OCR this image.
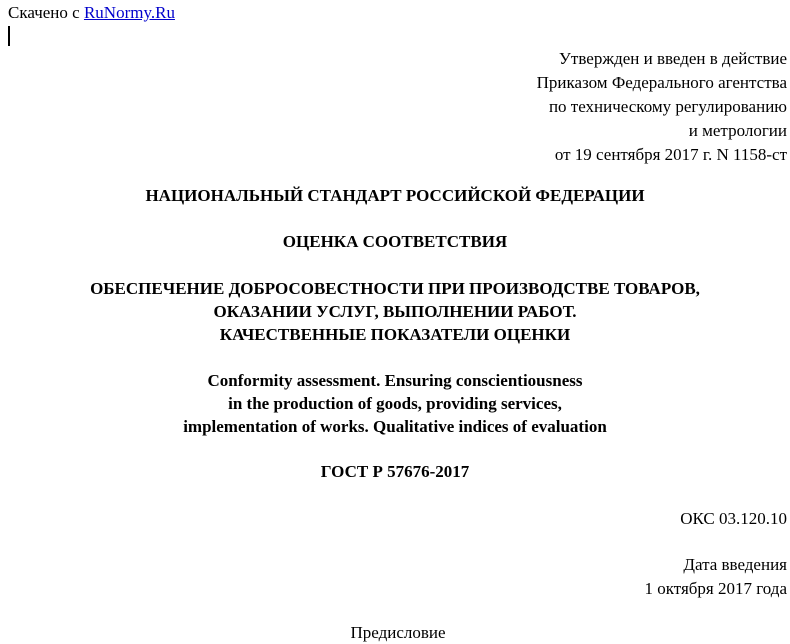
Скачено с RuNormy.Ru
Утвержден и введен в действие
Приказом Федерального агентства
по техническому регулированию
и метрологии
от 19 сентября 2017 г. N 1158-ст
НАЦИОНАЛЬНЫЙ СТАНДАРТ РОССИЙСКОЙ ФЕДЕРАЦИИ
ОЦЕНКА СООТВЕТСТВИЯ
ОБЕСПЕЧЕНИЕ ДОБРОСОВЕСТНОСТИ ПРИ ПРОИЗВОДСТВЕ ТОВАРОВ,
ОКАЗАНИИ УСЛУГ, ВЫПОЛНЕНИИ РАБОТ.
КАЧЕСТВЕННЫЕ ПОКАЗАТЕЛИ ОЦЕНКИ
Conformity assessment. Ensuring conscientiousness
in the production of goods, providing services,
implementation of works. Qualitative indices of evaluation
ГОСТ Р 57676-2017
ОКС 03.120.10
Дата введения
1 октября 2017 года
Предисловие
